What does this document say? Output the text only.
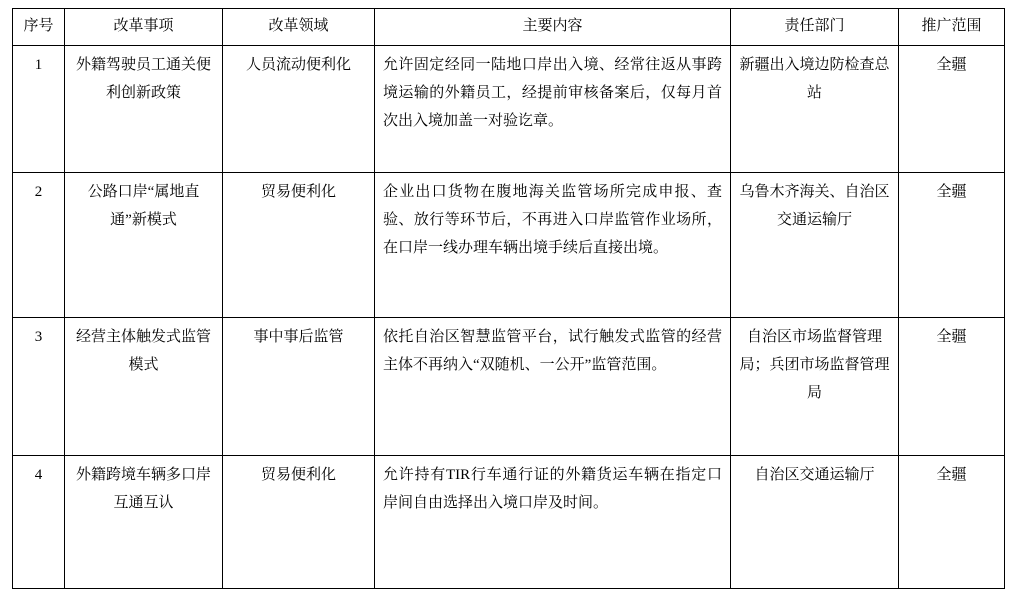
序号	改革事项	改革领域	主要内容	责任部门	推广范围
1	外籍驾驶员工通关便利创新政策	人员流动便利化	允许固定经同一陆地口岸出入境、经常往返从事跨境运输的外籍员工，经提前审核备案后，仅每月首次出入境加盖一对验讫章。	新疆出入境边防检查总站	全疆
2	公路口岸“属地直通”新模式	贸易便利化	企业出口货物在腹地海关监管场所完成申报、查验、放行等环节后，不再进入口岸监管作业场所，在口岸一线办理车辆出境手续后直接出境。	乌鲁木齐海关、自治区交通运输厅	全疆
3	经营主体触发式监管模式	事中事后监管	依托自治区智慧监管平台，试行触发式监管的经营主体不再纳入“双随机、一公开”监管范围。	自治区市场监督管理局；兵团市场监督管理局	全疆
4	外籍跨境车辆多口岸互通互认	贸易便利化	允许持有TIR行车通行证的外籍货运车辆在指定口岸间自由选择出入境口岸及时间。	自治区交通运输厅	全疆
